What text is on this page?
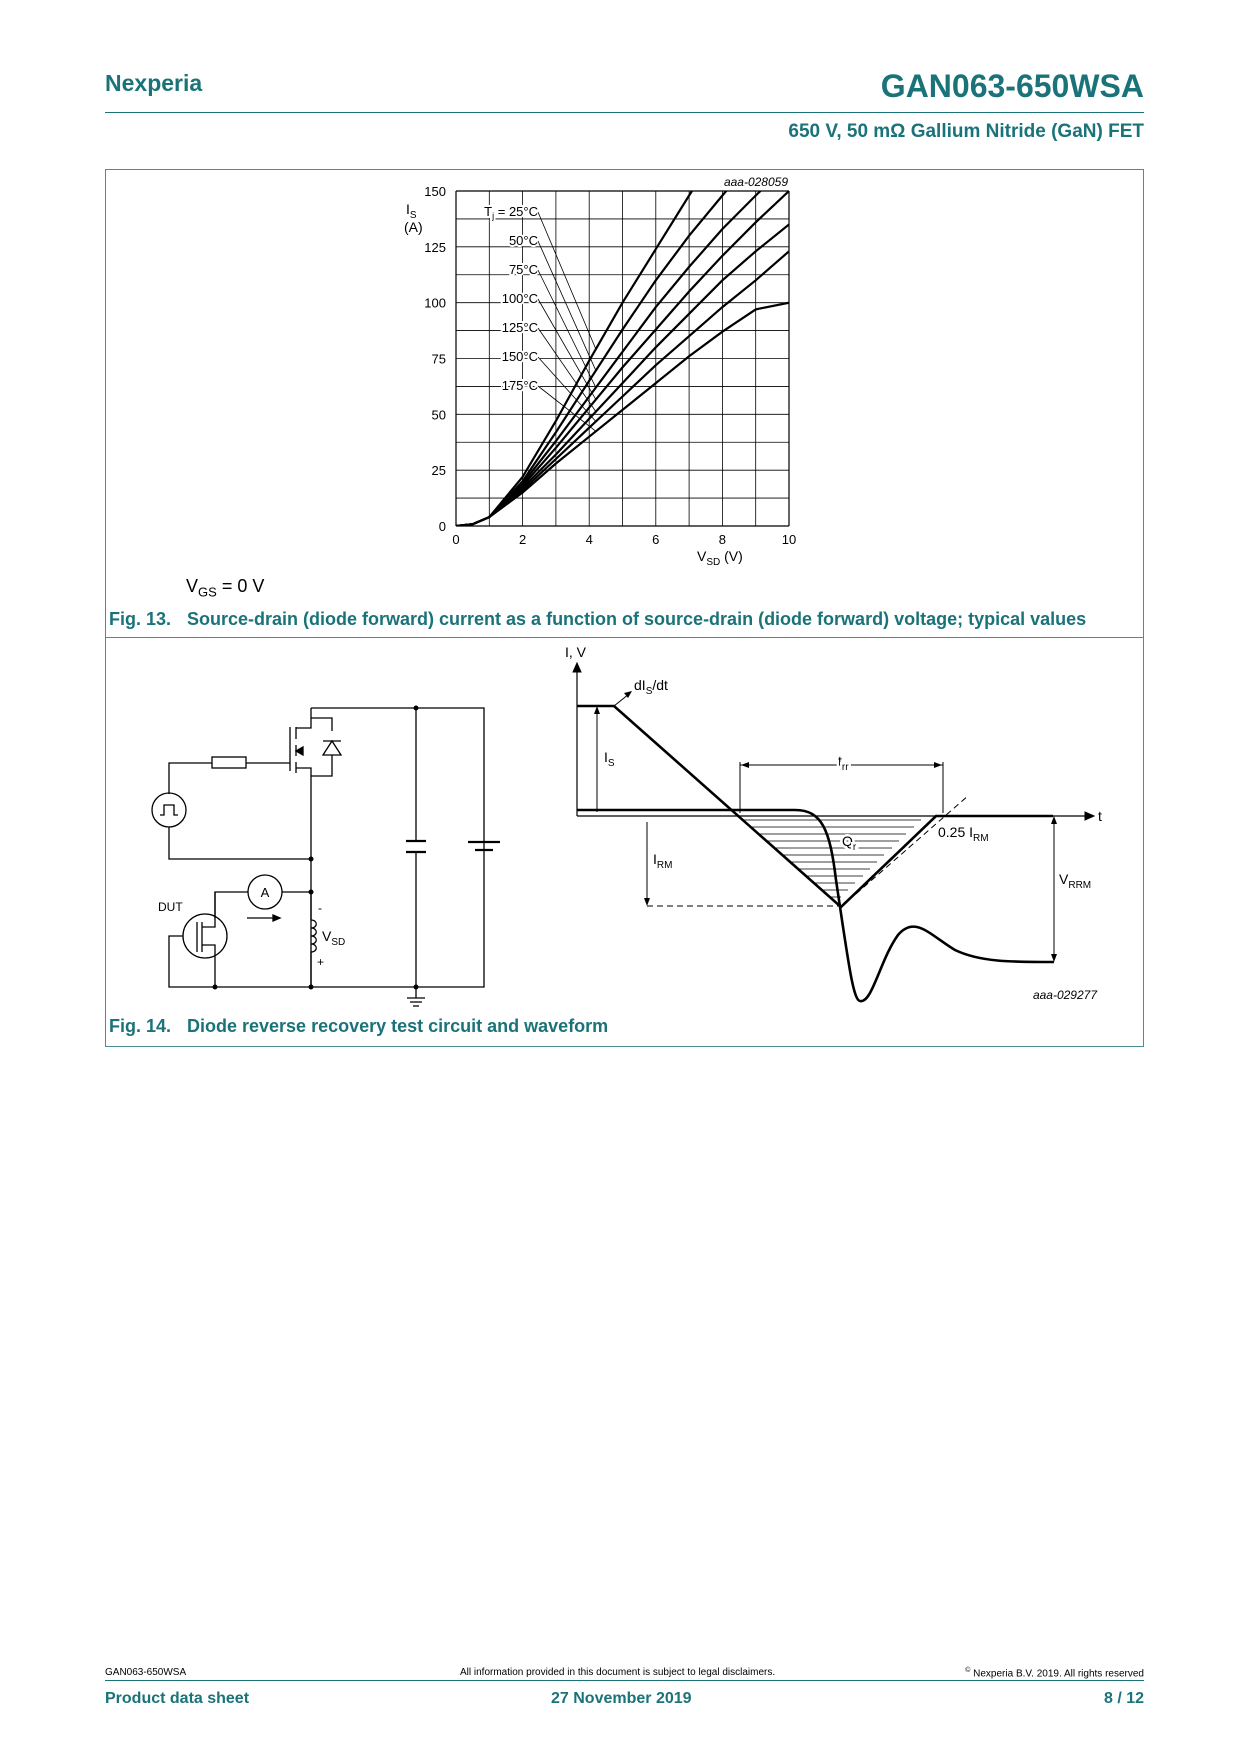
Nexperia	GAN063-650WSA
650 V, 50 mΩ Gallium Nitride (GaN) FET
aaa-028059
0	2	4	6	8	10
0
25
50
75
100
125
150
$T_j = 25^\circ C$
50°C
75°C
100°C
125°C
150°C
175°C
$I_S$
(A)
$V_{SD}$ (V)
$V_{GS} = 0$ V
Fig. 13. Source-drain (diode forward) current as a function of source-drain (diode forward) voltage; typical values
DUT
A
-
+
$V_{SD}$
I, V
t
$dI_S/dt$
$I_S$	$t_{rr}$
$I_{RM}$
$Q_r$
0.25 $I_{RM}$
$V_{RRM}$
aaa-029277
Fig. 14. Diode reverse recovery test circuit and waveform
GAN063-650WSA	All information provided in this document is subject to legal disclaimers.	© Nexperia B.V. 2019. All rights reserved
Product data sheet	27 November 2019	8 / 12
